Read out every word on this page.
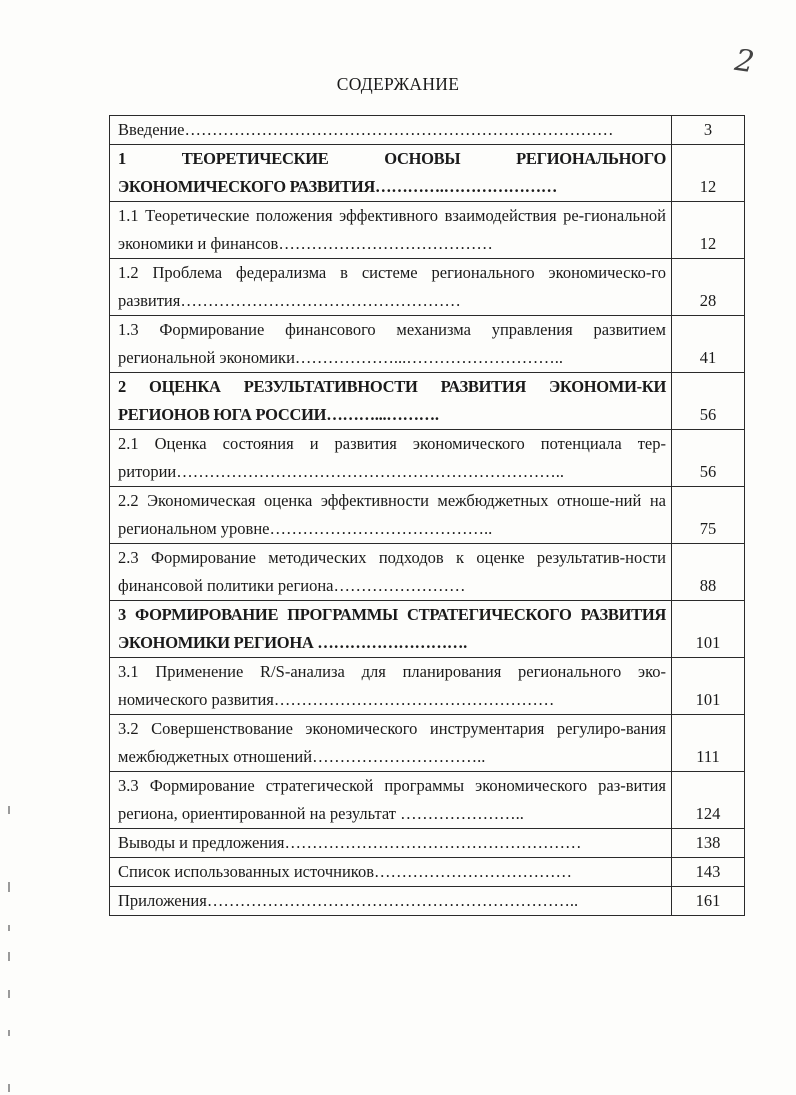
2
СОДЕРЖАНИЕ
Введение……………………………………………………………………	3
1 ТЕОРЕТИЧЕСКИЕ ОСНОВЫ РЕГИОНАЛЬНОГО ЭКОНОМИЧЕСКОГО РАЗВИТИЯ………….…………………	12
1.1 Теоретические положения эффективного взаимодействия ре-гиональной экономики и финансов…………………………………	12
1.2 Проблема федерализма в системе регионального экономическо-го развития……………………………………………	28
1.3 Формирование финансового механизма управления развитием региональной экономики………………...………………………..	41
2 ОЦЕНКА РЕЗУЛЬТАТИВНОСТИ РАЗВИТИЯ ЭКОНОМИ-КИ РЕГИОНОВ ЮГА РОССИИ………...……….	56
2.1 Оценка состояния и развития экономического потенциала тер-ритории……………………………………………………………..	56
2.2 Экономическая оценка эффективности межбюджетных отноше-ний на региональном уровне…………………………………..	75
2.3 Формирование методических подходов к оценке результатив-ности финансовой политики региона……………………	88
3 ФОРМИРОВАНИЕ ПРОГРАММЫ СТРАТЕГИЧЕСКОГО РАЗВИТИЯ ЭКОНОМИКИ РЕГИОНА ……………………….	101
3.1 Применение R/S-анализа для планирования регионального эко-номического развития……………………………………………	101
3.2 Совершенствование экономического инструментария регулиро-вания межбюджетных отношений…………………………..	111
3.3 Формирование стратегической программы экономического раз-вития региона, ориентированной на результат …………………..	124
Выводы и предложения………………………………………………	138
Список использованных источников………………………………	143
Приложения…………………………………………………………..	161
